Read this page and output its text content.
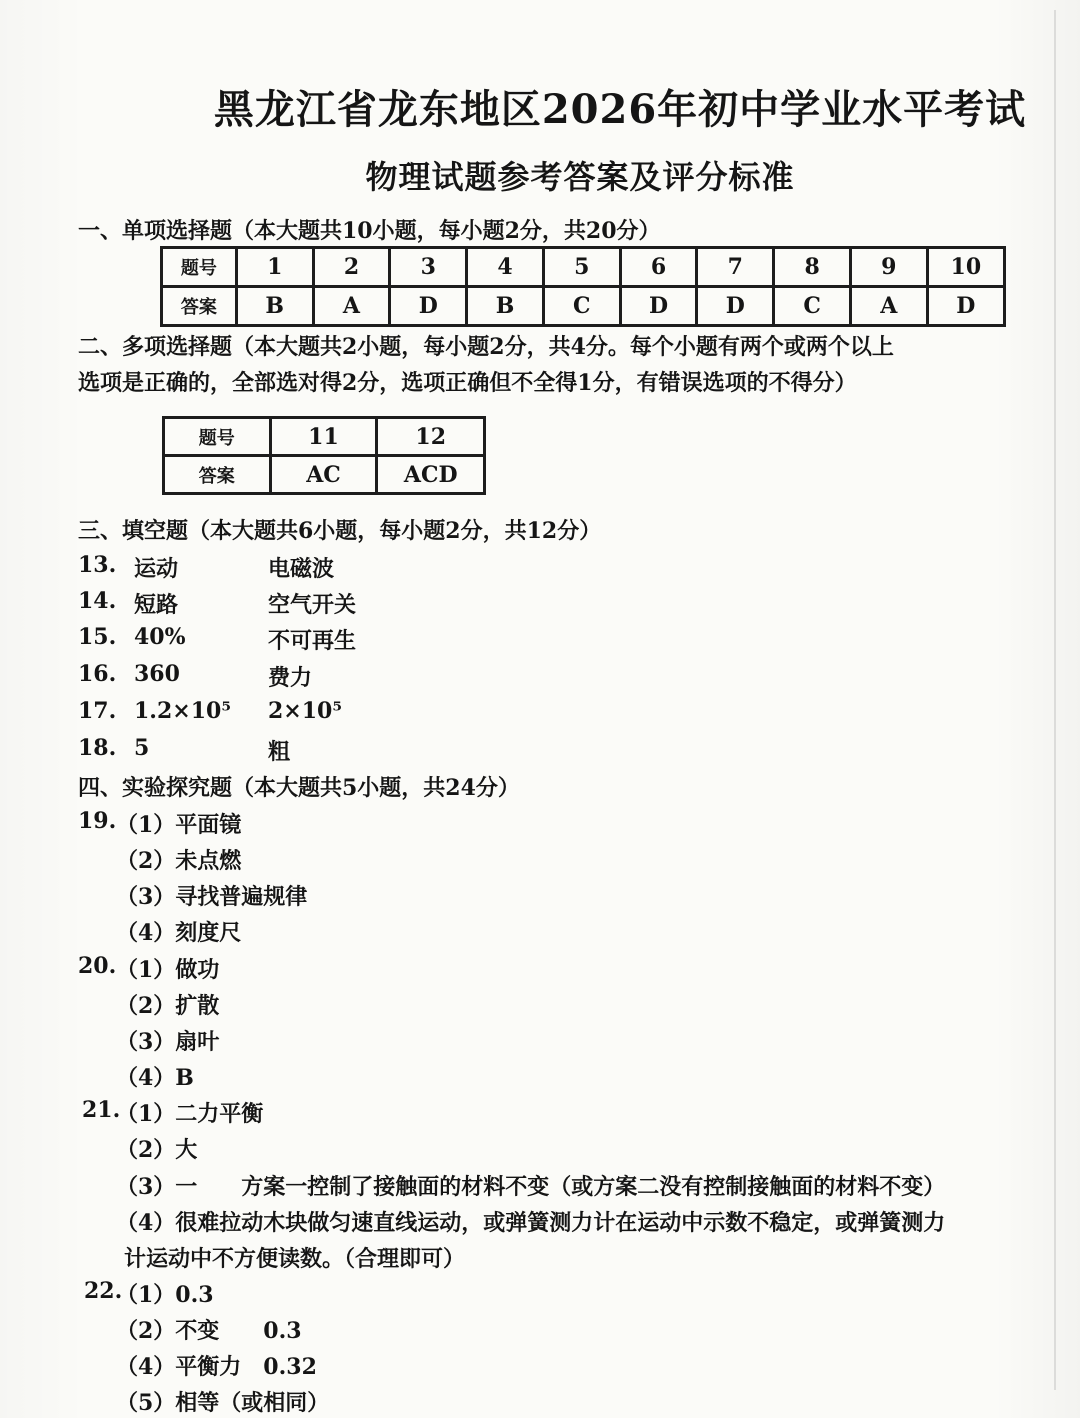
黑龙江省龙东地区2026年初中学业水平考试
物理试题参考答案及评分标准
一、单项选择题（本大题共10小题，每小题2分，共20分）
题号	1	2	3	4	5	6	7	8	9	10
答案	B	A	D	B	C	D	D	C	A	D
二、多项选择题（本大题共2小题，每小题2分，共4分。每个小题有两个或两个以上
选项是正确的，全部选对得2分，选项正确但不全得1分，有错误选项的不得分）
题号	11	12
答案	AC	ACD
三、填空题（本大题共6小题，每小题2分，共12分）
13. 运动	电磁波
14. 短路	空气开关
15. 40%	不可再生
16. 360	费力
17. 1.2×10⁵ 2×10⁵
18. 5	粗
四、实验探究题（本大题共5小题，共24分）
19. （1）平面镜
（2）未点燃
（3）寻找普遍规律
（4）刻度尺
20. （1）做功
（2）扩散
（3）扇叶
（4）B
21.
（1）二力平衡
（2）大
（3）一　　方案一控制了接触面的材料不变（或方案二没有控制接触面的材料不变）
（4）很难拉动木块做匀速直线运动，或弹簧测力计在运动中示数不稳定，或弹簧测力
计运动中不方便读数。（合理即可）
22.
（1）0.3
（2）不变　　0.3
（4）平衡力　0.32
（5）相等（或相同）
